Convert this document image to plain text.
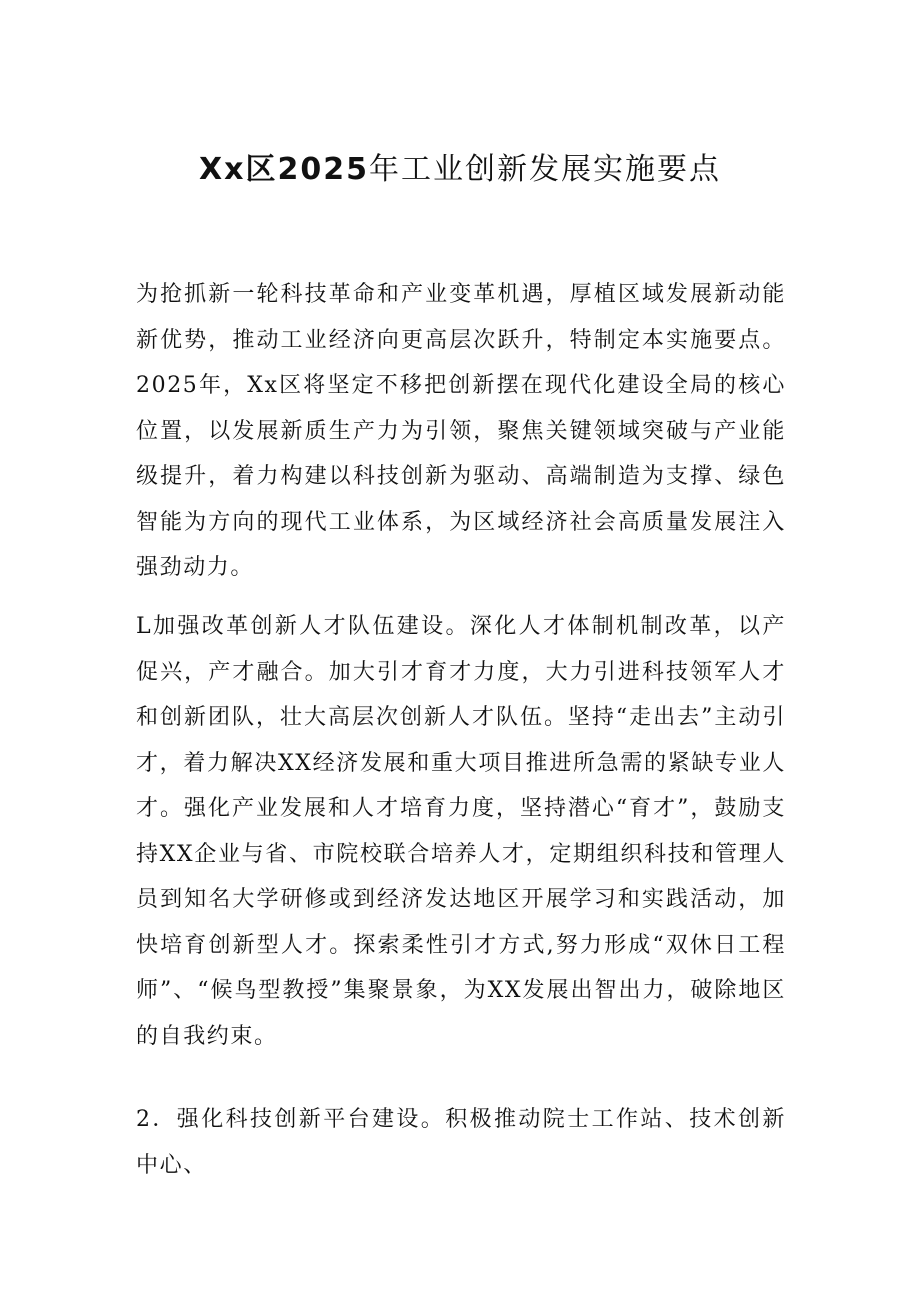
Xx区2025年工业创新发展实施要点

为抢抓新一轮科技革命和产业变革机遇，厚植区域发展新动能新优势，推动工业经济向更高层次跃升，特制定本实施要点。2025年，Xx区将坚定不移把创新摆在现代化建设全局的核心位置，以发展新质生产力为引领，聚焦关键领域突破与产业能级提升，着力构建以科技创新为驱动、高端制造为支撑、绿色智能为方向的现代工业体系，为区域经济社会高质量发展注入强劲动力。

L加强改革创新人才队伍建设。深化人才体制机制改革，以产促兴，产才融合。加大引才育才力度，大力引进科技领军人才和创新团队，壮大高层次创新人才队伍。坚持“走出去”主动引才，着力解决XX经济发展和重大项目推进所急需的紧缺专业人才。强化产业发展和人才培育力度，坚持潜心“育才”，鼓励支持XX企业与省、市院校联合培养人才，定期组织科技和管理人员到知名大学研修或到经济发达地区开展学习和实践活动，加快培育创新型人才。探索柔性引才方式,努力形成“双休日工程师”、“候鸟型教授”集聚景象，为XX发展出智出力，破除地区的自我约束。

2．强化科技创新平台建设。积极推动院士工作站、技术创新中心、
